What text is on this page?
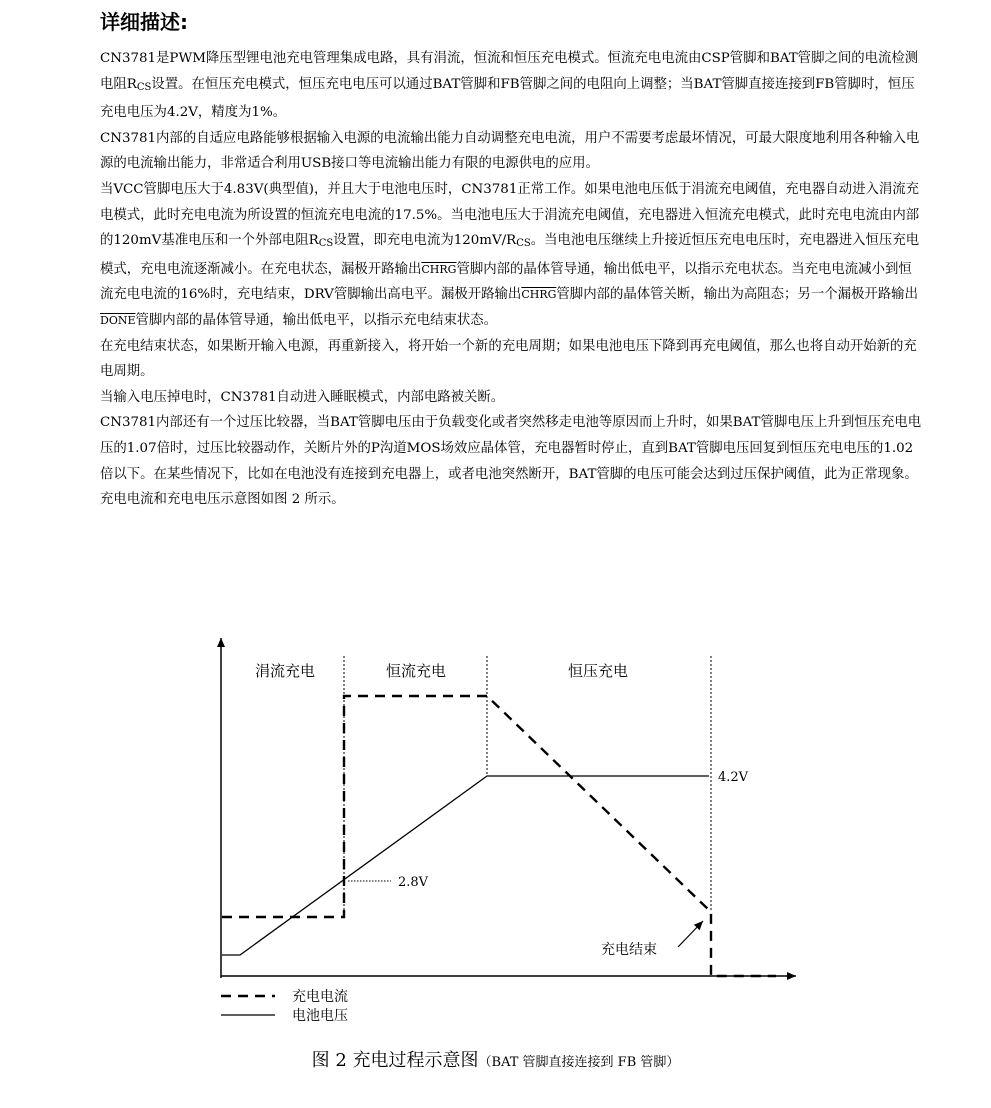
详细描述:

CN3781是PWM降压型锂电池充电管理集成电路，具有涓流，恒流和恒压充电模式。恒流充电电流由CSP管脚和BAT管脚之间的电流检测电阻$R_{CS}$设置。在恒压充电模式，恒压充电电压可以通过BAT管脚和FB管脚之间的电阻向上调整；当BAT管脚直接连接到FB管脚时，恒压充电电压为4.2V，精度为1%。

CN3781内部的自适应电路能够根据输入电源的电流输出能力自动调整充电电流，用户不需要考虑最坏情况，可最大限度地利用各种输入电源的电流输出能力，非常适合利用USB接口等电流输出能力有限的电源供电的应用。

当VCC管脚电压大于4.83V(典型值)，并且大于电池电压时，CN3781正常工作。如果电池电压低于涓流充电阈值，充电器自动进入涓流充电模式，此时充电电流为所设置的恒流充电电流的17.5%。当电池电压大于涓流充电阈值，充电器进入恒流充电模式，此时充电电流由内部的120mV基准电压和一个外部电阻$R_{CS}$设置，即充电电流为$120mV/R_{CS}$。当电池电压继续上升接近恒压充电电压时，充电器进入恒压充电模式，充电电流逐渐减小。在充电状态，漏极开路输出CHRG管脚内部的晶体管导通，输出低电平，以指示充电状态。当充电电流减小到恒流充电电流的16%时，充电结束，DRV管脚输出高电平。漏极开路输出CHRG管脚内部的晶体管关断，输出为高阻态；另一个漏极开路输出DONE管脚内部的晶体管导通，输出低电平，以指示充电结束状态。

在充电结束状态，如果断开输入电源，再重新接入，将开始一个新的充电周期；如果电池电压下降到再充电阈值，那么也将自动开始新的充电周期。

当输入电压掉电时，CN3781自动进入睡眠模式，内部电路被关断。

CN3781内部还有一个过压比较器，当BAT管脚电压由于负载变化或者突然移走电池等原因而上升时，如果BAT管脚电压上升到恒压充电电压的1.07倍时，过压比较器动作，关断片外的P沟道MOS场效应晶体管，充电器暂时停止，直到BAT管脚电压回复到恒压充电电压的1.02倍以下。在某些情况下，比如在电池没有连接到充电器上，或者电池突然断开，BAT管脚的电压可能会达到过压保护阈值，此为正常现象。

充电电流和充电电压示意图如图 2 所示。

涓流充电	恒流充电	恒压充电
2.8V
4.2V
充电结束
充电电流
电池电压
图 2 充电过程示意图（BAT 管脚直接连接到 FB 管脚）
